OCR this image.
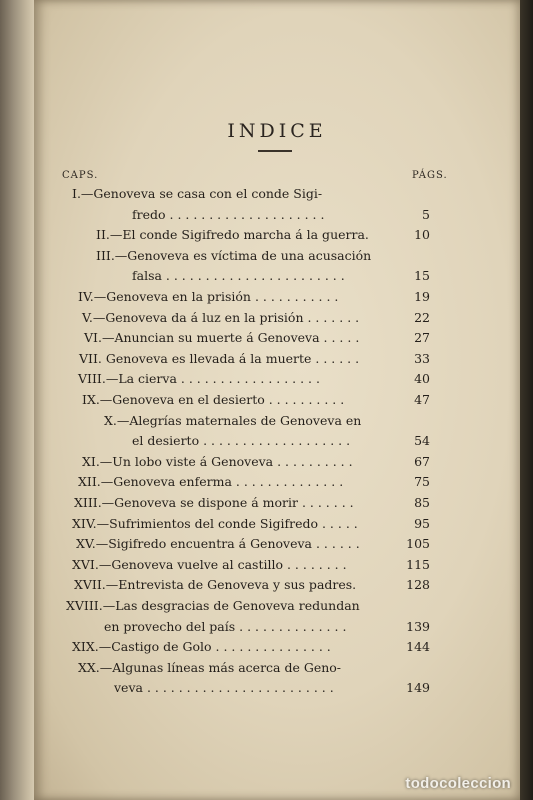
INDICE
CAPS.	PÁGS.
I.—Genoveva se casa con el conde Sigi-
fredo . . . . . . . . . . . . . . . . . . . .	5
II.—El conde Sigifredo marcha á la guerra.	10
III.—Genoveva es víctima de una acusación
falsa . . . . . . . . . . . . . . . . . . . . . . .	15
IV.—Genoveva en la prisión . . . . . . . . . . .	19
V.—Genoveva da á luz en la prisión . . . . . . .	22
VI.—Anuncian su muerte á Genoveva . . . . .	27
VII. Genoveva es llevada á la muerte . . . . . .	33
VIII.—La cierva . . . . . . . . . . . . . . . . . .	40
IX.—Genoveva en el desierto . . . . . . . . . .	47
X.—Alegrías maternales de Genoveva en
el desierto . . . . . . . . . . . . . . . . . . .	54
XI.—Un lobo viste á Genoveva . . . . . . . . . .	67
XII.—Genoveva enferma . . . . . . . . . . . . . .	75
XIII.—Genoveva se dispone á morir . . . . . . .	85
XIV.—Sufrimientos del conde Sigifredo . . . . .	95
XV.—Sigifredo encuentra á Genoveva . . . . . .	105
XVI.—Genoveva vuelve al castillo . . . . . . . .	115
XVII.—Entrevista de Genoveva y sus padres.	128
XVIII.—Las desgracias de Genoveva redundan
en provecho del país . . . . . . . . . . . . . .	139
XIX.—Castigo de Golo . . . . . . . . . . . . . . .	144
XX.—Algunas líneas más acerca de Geno-
veva . . . . . . . . . . . . . . . . . . . . . . . .	149
todocoleccion
